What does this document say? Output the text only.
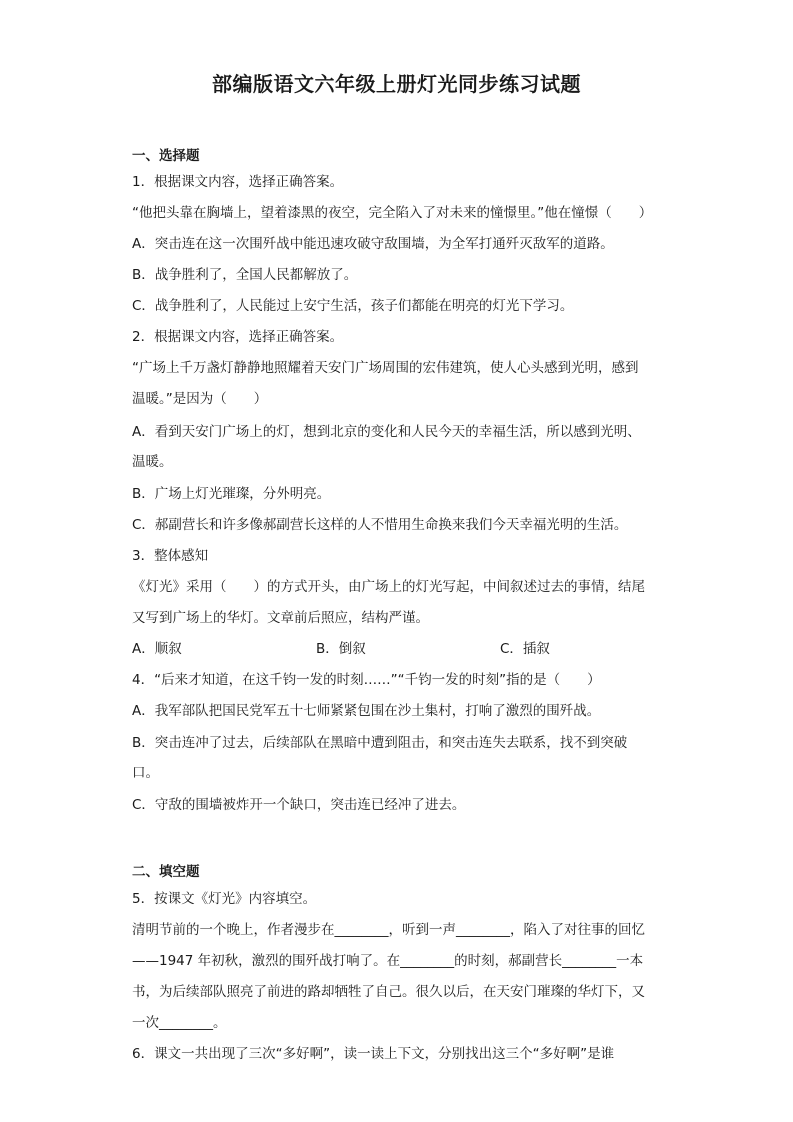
部编版语文六年级上册灯光同步练习试题
一、选择题
1．根据课文内容，选择正确答案。
“他把头靠在胸墙上，望着漆黑的夜空，完全陷入了对未来的憧憬里。”他在憧憬（　　）
A．突击连在这一次围歼战中能迅速攻破守敌围墙，为全军打通歼灭敌军的道路。
B．战争胜利了，全国人民都解放了。
C．战争胜利了，人民能过上安宁生活，孩子们都能在明亮的灯光下学习。
2．根据课文内容，选择正确答案。
“广场上千万盏灯静静地照耀着天安门广场周围的宏伟建筑，使人心头感到光明，感到
温暖。”是因为（　　）
A．看到天安门广场上的灯，想到北京的变化和人民今天的幸福生活，所以感到光明、
温暖。
B．广场上灯光璀璨，分外明亮。
C．郝副营长和许多像郝副营长这样的人不惜用生命换来我们今天幸福光明的生活。
3．整体感知
《灯光》采用（　　）的方式开头，由广场上的灯光写起，中间叙述过去的事情，结尾
又写到广场上的华灯。文章前后照应，结构严谨。
A．顺叙	B．倒叙	C．插叙
4．“后来才知道，在这千钧一发的时刻……”“千钧一发的时刻”指的是（　　）
A．我军部队把国民党军五十七师紧紧包围在沙土集村，打响了激烈的围歼战。
B．突击连冲了过去，后续部队在黑暗中遭到阻击，和突击连失去联系，找不到突破
口。
C．守敌的围墙被炸开一个缺口，突击连已经冲了进去。
二、填空题
5．按课文《灯光》内容填空。
清明节前的一个晚上，作者漫步在________，听到一声________，陷入了对往事的回忆
——1947 年初秋，激烈的围歼战打响了。在________的时刻，郝副营长________一本
书，为后续部队照亮了前进的路却牺牲了自己。很久以后，在天安门璀璨的华灯下，又
一次________。
6．课文一共出现了三次“多好啊”，读一读上下文，分别找出这三个“多好啊”是谁
